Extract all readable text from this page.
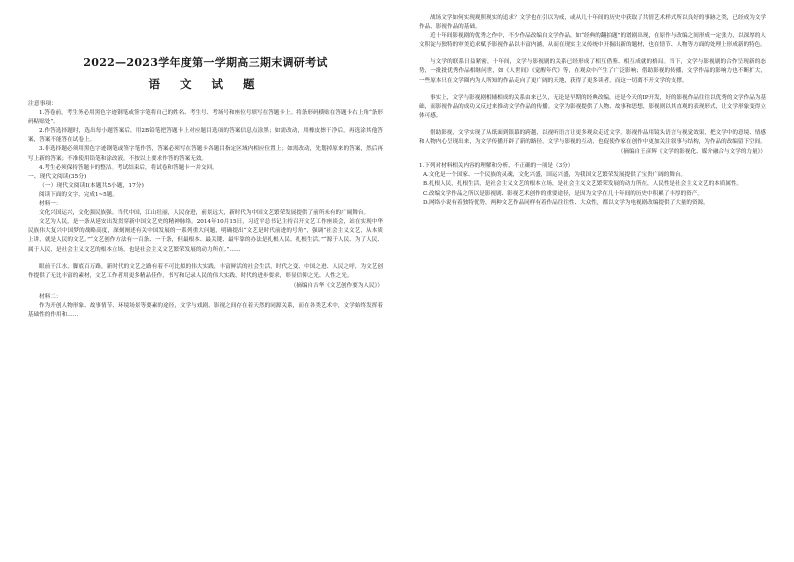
2022—2023学年度第一学期高三期末调研考试
语 文 试 题

注意事项：

1.答卷前，考生务必用黑色字迹钢笔或签字笔将自己的姓名、考生号、考场号和座位号填写在答题卡上。将条形码横贴在答题卡右上角“条形码粘贴处”。

2.作答选择题时，选出每小题答案后，用2B铅笔把答题卡上对应题目选项的答案信息点涂黑；如需改动，用橡皮擦干净后，再选涂其他答案，答案不能答在试卷上。

3.非选择题必须用黑色字迹钢笔或签字笔作答，答案必须写在答题卡各题目指定区域内相应位置上；如需改动，先划掉原来的答案，然后再写上新的答案；不准使用铅笔和涂改液。不按以上要求作答的答案无效。

4.考生必须保持答题卡的整洁。考试结束后，将试卷和答题卡一并交回。

一、现代文阅读(35分)

（一）现代文阅读Ⅰ(本题共5小题，17分)

阅读下面的文字，完成1~5题。

材料一：

文化兴国运兴，文化强民族强。当代中国，江山壮丽，人民奋进，前景远大，新时代为中国文艺繁荣发展提供了前所未有的广阔舞台。

文艺为人民，是一条从延安出发贯穿新中国文艺史的精神脉络。2014年10月15日，习近平总书记主持召开文艺工作座谈会，站在实现中华民族伟大复兴中国梦的战略高度，深刻阐述有关中国发展的一系列重大问题，明确提出“文艺是时代前进的号角”，强调“社会主义文艺，从本质上讲，就是人民的文艺。”“文艺创作方法有一百条、一千条，但最根本、最关键、最牢靠的办法是扎根人民、扎根生活。”“源于人民、为了人民、属于人民，是社会主义文艺的根本立场，也是社会主义文艺繁荣发展的动力所在。”……

眼前千江水，脚底百万路，新时代的文艺之路有着不可比拟的伟大实践，丰富鲜活的社会生活，时代之变、中国之进、人民之呼，为文艺创作提供了无比丰富的素材，文艺工作者用更多精品佳作，书写和记录人民的伟大实践、时代的进步要求，彰显信仰之光、人性之光。

（摘编自吉华《文艺创作要为人民》）

材料二：

作为开创人物形象、故事情节、环境场景等要素的途径，文学与戏剧、影视之间存在着天然的同源关系，而在各类艺术中，文学始终发挥着基础性的作用和……

战场文学如何实现观照现实的追求？文学也在引以为戒，或从几十年间的历史中获取了共情艺术样式所以良好的事跡之类，已经成为文学作品、影视作品的基础。

近十年间影视剧的优秀之作中，不少作品改编自文学作品，如“经典的翻拍题”的谱剧出现，在原作与改编之间形成一定张力，以深厚的人文积淀与独特的审美追求赋予影视作品以丰富内涵，从而在现实主义传统中开掘出新的题材，也在情节、人物等方面的处理上形成新的特色。

与文学的联系日益紧密，十年间，文学与影视剧的关系已经形成了相互借鉴、相互成就的格局。当下，文学与影视剧的合作呈现新的态势，一批批优秀作品相继问世，如《人世间》《觉醒年代》等，在观众中产生了广泛影响；借助影视的传播，文学作品的影响力也不断扩大，一些原本只在文学圈内为人所知的作品走向了更广阔的天地，获得了更多读者，而这一切离不开文学的支撑。

事实上，文学与影视剧相辅相成的关系由来已久，无论是早期的经典改编，还是今天的IP开发，好的影视作品往往以优秀的文学作品为基础，而影视作品的成功又反过来推动文学作品的传播。文学为影视提供了人物、故事和思想，影视则以其直观的表现形式，让文学形象变得立体可感。

借助影视，文学实现了从纸面到银幕的跨越，以视听语言让更多观众走近文学。影视作品用镜头语言与视觉效果，把文学中的意境、情感和人物内心呈现出来，为文学传播开辟了新的路径。文学与影视的互动，也促使作家在创作中更加关注叙事与结构，为作品的改编留下空间。

（摘编自王彦辉《文学的影视化、媒介融合与文学的力量》）

1.下列对材料相关内容的理解和分析，不正确的一项是（3分）

A.文化是一个国家、一个民族的灵魂，文化兴盛，国运兴盛，为我国文艺繁荣发展提供了宝贵广阔的舞台。

B.扎根人民，扎根生活，是社会主义文艺的根本立场，是社会主义文艺繁荣发展的动力所在，人民性是社会主义文艺的本质属性。

C.改编文学作品之所以是影视剧、影视艺术创作的重要途径，是因为文学在几十年间的历史中积累了丰厚的资产。

D.网络小说有着独特优势，两种文艺作品同样有着作品往往性、大众性，都以文学为电视剧改编提供了大量的资源。
